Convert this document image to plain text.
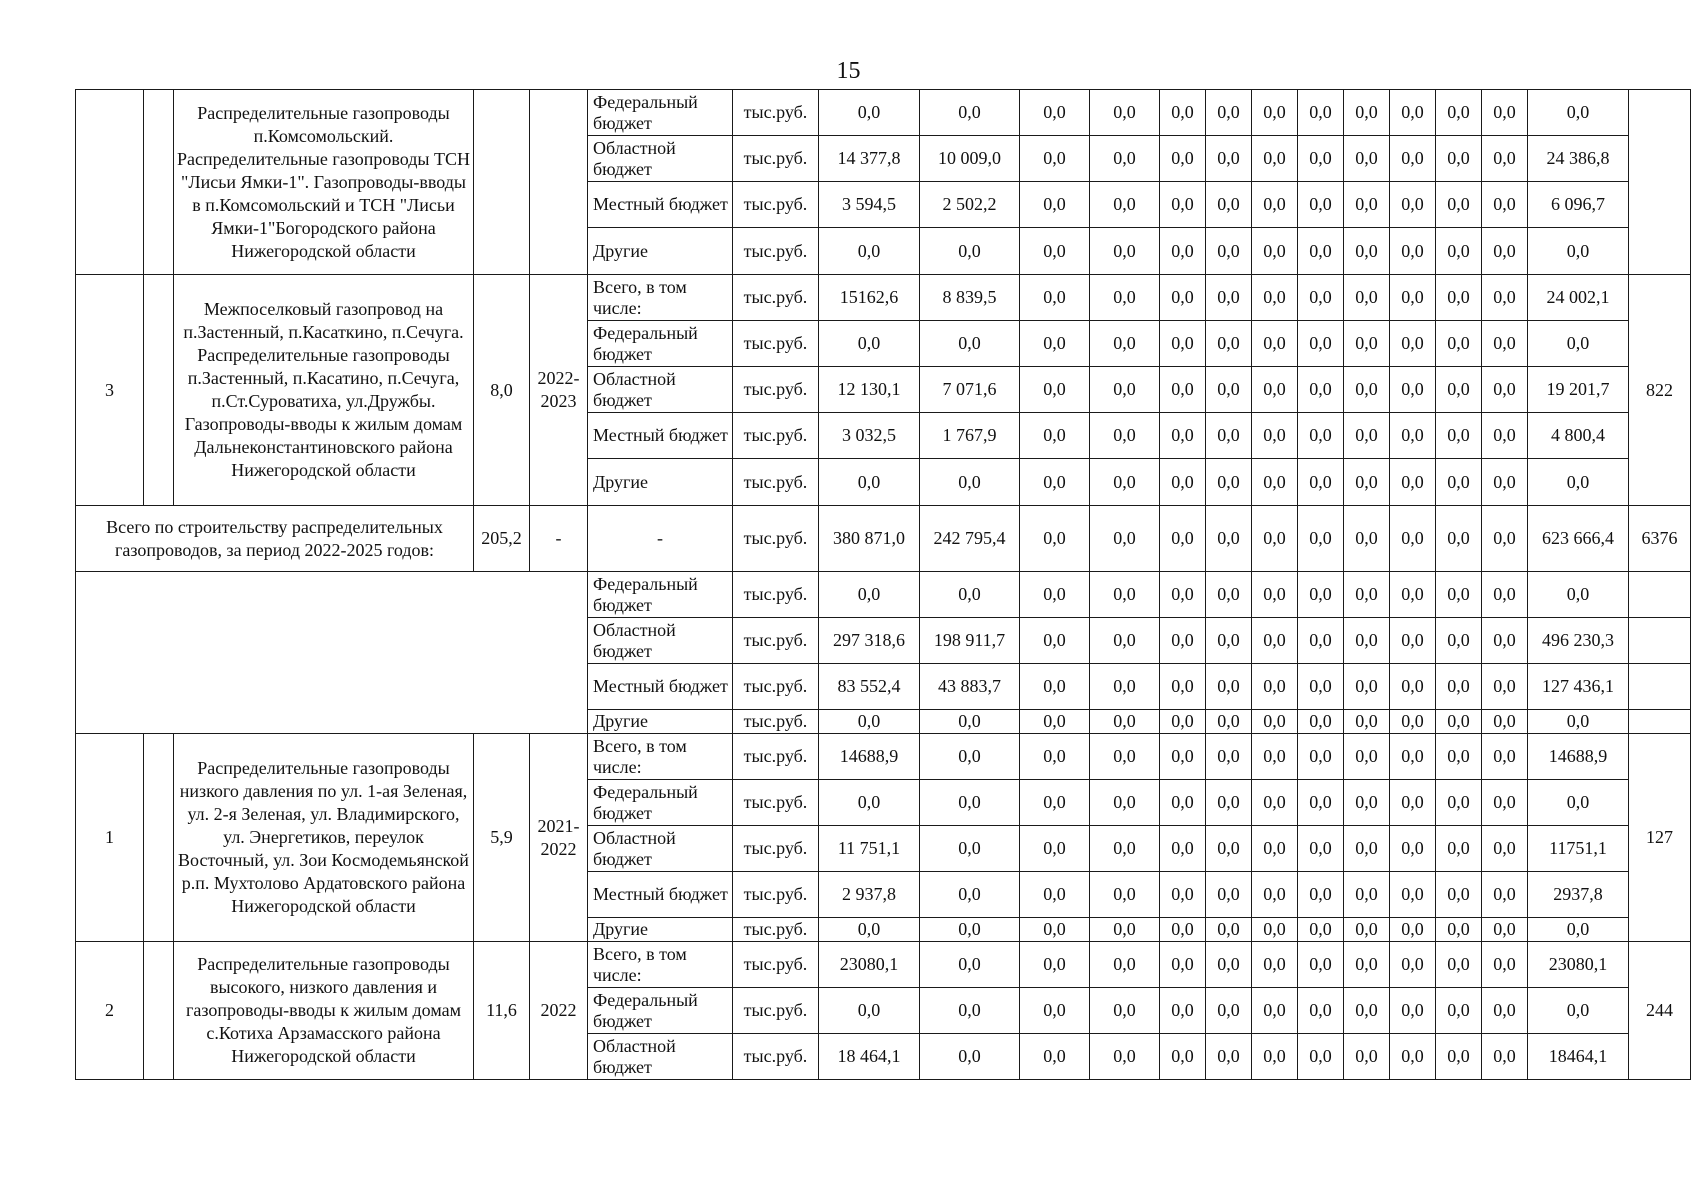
15
		Распределительные газопроводы п.Комсомольский. Распределительные газопроводы ТСН "Лисьи Ямки-1". Газопроводы-вводы в п.Комсомольский и ТСН "Лисьи Ямки-1"Богородского района Нижегородской области			Федеральный бюджет	тыс.руб.	0,0	0,0	0,0	0,0	0,0	0,0	0,0	0,0	0,0	0,0	0,0	0,0	0,0	
					Областной бюджет	тыс.руб.	14 377,8	10 009,0	0,0	0,0	0,0	0,0	0,0	0,0	0,0	0,0	0,0	0,0	24 386,8	
					Местный бюджет	тыс.руб.	3 594,5	2 502,2	0,0	0,0	0,0	0,0	0,0	0,0	0,0	0,0	0,0	0,0	6 096,7	
					Другие	тыс.руб.	0,0	0,0	0,0	0,0	0,0	0,0	0,0	0,0	0,0	0,0	0,0	0,0	0,0	
3		Межпоселковый газопровод на п.Застенный, п.Касаткино, п.Сечуга. Распределительные газопроводы п.Застенный, п.Касатино, п.Сечуга, п.Ст.Суроватиха, ул.Дружбы. Газопроводы-вводы к жилым домам Дальнеконстантиновского района Нижегородской области	8,0	2022-2023	Всего, в том числе:	тыс.руб.	15162,6	8 839,5	0,0	0,0	0,0	0,0	0,0	0,0	0,0	0,0	0,0	0,0	24 002,1	822
					Федеральный бюджет	тыс.руб.	0,0	0,0	0,0	0,0	0,0	0,0	0,0	0,0	0,0	0,0	0,0	0,0	0,0	
					Областной бюджет	тыс.руб.	12 130,1	7 071,6	0,0	0,0	0,0	0,0	0,0	0,0	0,0	0,0	0,0	0,0	19 201,7	
					Местный бюджет	тыс.руб.	3 032,5	1 767,9	0,0	0,0	0,0	0,0	0,0	0,0	0,0	0,0	0,0	0,0	4 800,4	
					Другие	тыс.руб.	0,0	0,0	0,0	0,0	0,0	0,0	0,0	0,0	0,0	0,0	0,0	0,0	0,0	
Всего по строительству распределительных газопроводов, за период 2022-2025 годов:			205,2	-	-	тыс.руб.	380 871,0	242 795,4	0,0	0,0	0,0	0,0	0,0	0,0	0,0	0,0	0,0	0,0	623 666,4	6376
					Федеральный бюджет	тыс.руб.	0,0	0,0	0,0	0,0	0,0	0,0	0,0	0,0	0,0	0,0	0,0	0,0	0,0	
					Областной бюджет	тыс.руб.	297 318,6	198 911,7	0,0	0,0	0,0	0,0	0,0	0,0	0,0	0,0	0,0	0,0	496 230,3	
					Местный бюджет	тыс.руб.	83 552,4	43 883,7	0,0	0,0	0,0	0,0	0,0	0,0	0,0	0,0	0,0	0,0	127 436,1	
					Другие	тыс.руб.	0,0	0,0	0,0	0,0	0,0	0,0	0,0	0,0	0,0	0,0	0,0	0,0	0,0	
1		Распределительные газопроводы низкого давления по ул. 1-ая Зеленая, ул. 2-я Зеленая, ул. Владимирского, ул. Энергетиков, переулок Восточный, ул. Зои Космодемьянской р.п. Мухтолово Ардатовского района Нижегородской области	5,9	2021-2022	Всего, в том числе:	тыс.руб.	14688,9	0,0	0,0	0,0	0,0	0,0	0,0	0,0	0,0	0,0	0,0	0,0	14688,9	127
					Федеральный бюджет	тыс.руб.	0,0	0,0	0,0	0,0	0,0	0,0	0,0	0,0	0,0	0,0	0,0	0,0	0,0	
					Областной бюджет	тыс.руб.	11 751,1	0,0	0,0	0,0	0,0	0,0	0,0	0,0	0,0	0,0	0,0	0,0	11751,1	
					Местный бюджет	тыс.руб.	2 937,8	0,0	0,0	0,0	0,0	0,0	0,0	0,0	0,0	0,0	0,0	0,0	2937,8	
					Другие	тыс.руб.	0,0	0,0	0,0	0,0	0,0	0,0	0,0	0,0	0,0	0,0	0,0	0,0	0,0	
2		Распределительные газопроводы высокого, низкого давления и газопроводы-вводы к жилым домам с.Котиха Арзамасского района Нижегородской области	11,6	2022	Всего, в том числе:	тыс.руб.	23080,1	0,0	0,0	0,0	0,0	0,0	0,0	0,0	0,0	0,0	0,0	0,0	23080,1	244
					Федеральный бюджет	тыс.руб.	0,0	0,0	0,0	0,0	0,0	0,0	0,0	0,0	0,0	0,0	0,0	0,0	0,0	
					Областной бюджет	тыс.руб.	18 464,1	0,0	0,0	0,0	0,0	0,0	0,0	0,0	0,0	0,0	0,0	0,0	18464,1	
